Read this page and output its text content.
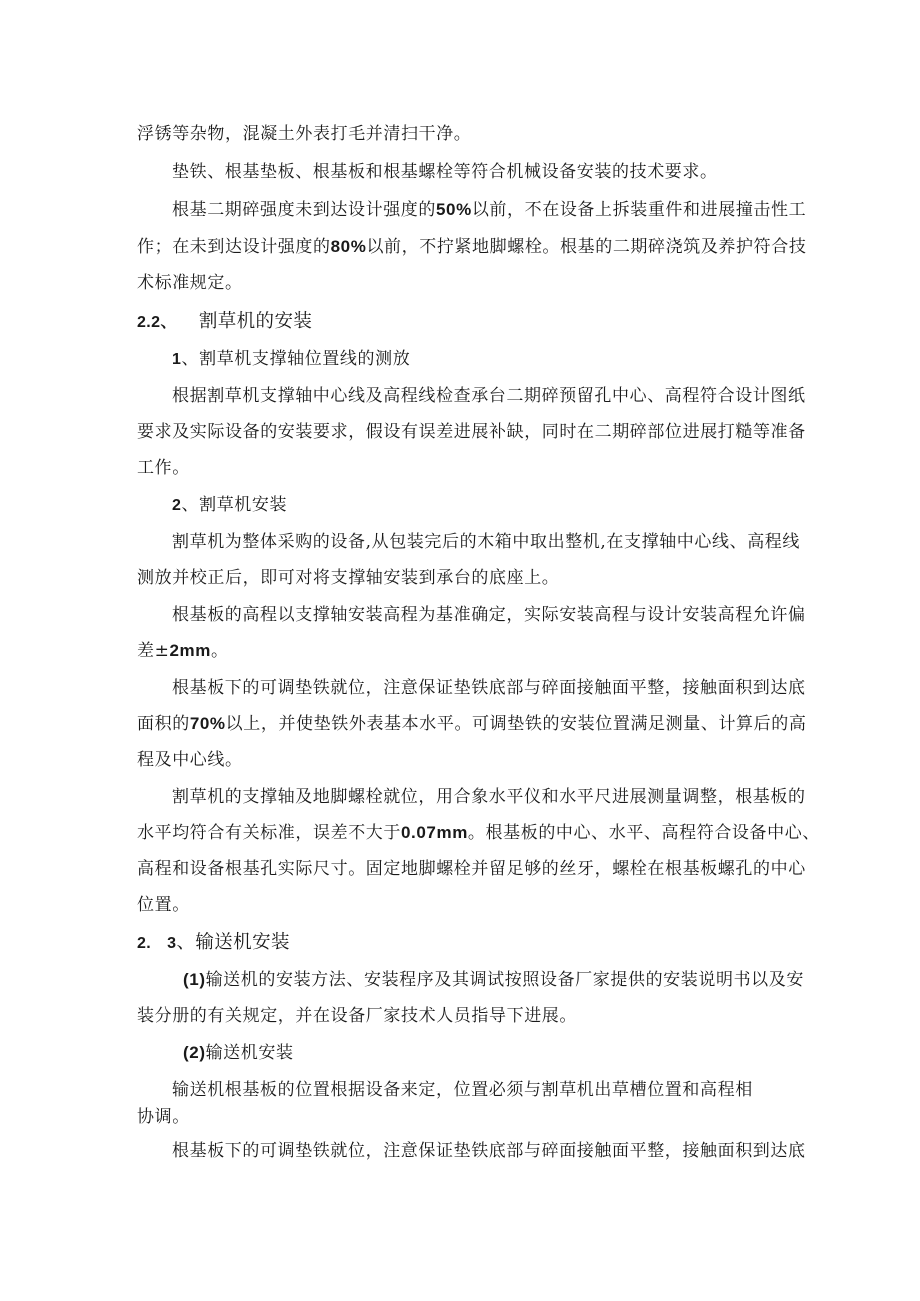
浮锈等杂物，混凝土外表打毛并清扫干净。
垫铁、根基垫板、根基板和根基螺栓等符合机械设备安装的技术要求。
根基二期碎强度未到达设计强度的50%以前，不在设备上拆装重件和进展撞击性工
作；在未到达设计强度的80%以前，不拧紧地脚螺栓。根基的二期碎浇筑及养护符合技
术标准规定。
2.2、 割草机的安装
1、割草机支撑轴位置线的测放
根据割草机支撑轴中心线及高程线检查承台二期碎预留孔中心、高程符合设计图纸
要求及实际设备的安装要求，假设有误差进展补缺，同时在二期碎部位进展打糙等准备
工作。
2、割草机安装
割草机为整体采购的设备,从包装完后的木箱中取出整机,在支撑轴中心线、高程线
测放并校正后，即可对将支撑轴安装到承台的底座上。
根基板的高程以支撑轴安装高程为基准确定，实际安装高程与设计安装高程允许偏
差±2mm。
根基板下的可调垫铁就位，注意保证垫铁底部与碎面接触面平整，接触面积到达底
面积的70%以上，并使垫铁外表基本水平。可调垫铁的安装位置满足测量、计算后的高
程及中心线。
割草机的支撑轴及地脚螺栓就位，用合象水平仪和水平尺进展测量调整，根基板的
水平均符合有关标准，误差不大于0.07mm。根基板的中心、水平、高程符合设备中心、
高程和设备根基孔实际尺寸。固定地脚螺栓并留足够的丝牙，螺栓在根基板螺孔的中心
位置。
2. 3、输送机安装
(1)输送机的安装方法、安装程序及其调试按照设备厂家提供的安装说明书以及安
装分册的有关规定，并在设备厂家技术人员指导下进展。
(2)输送机安装
输送机根基板的位置根据设备来定，位置必须与割草机出草槽位置和高程相
协调。
根基板下的可调垫铁就位，注意保证垫铁底部与碎面接触面平整，接触面积到达底
